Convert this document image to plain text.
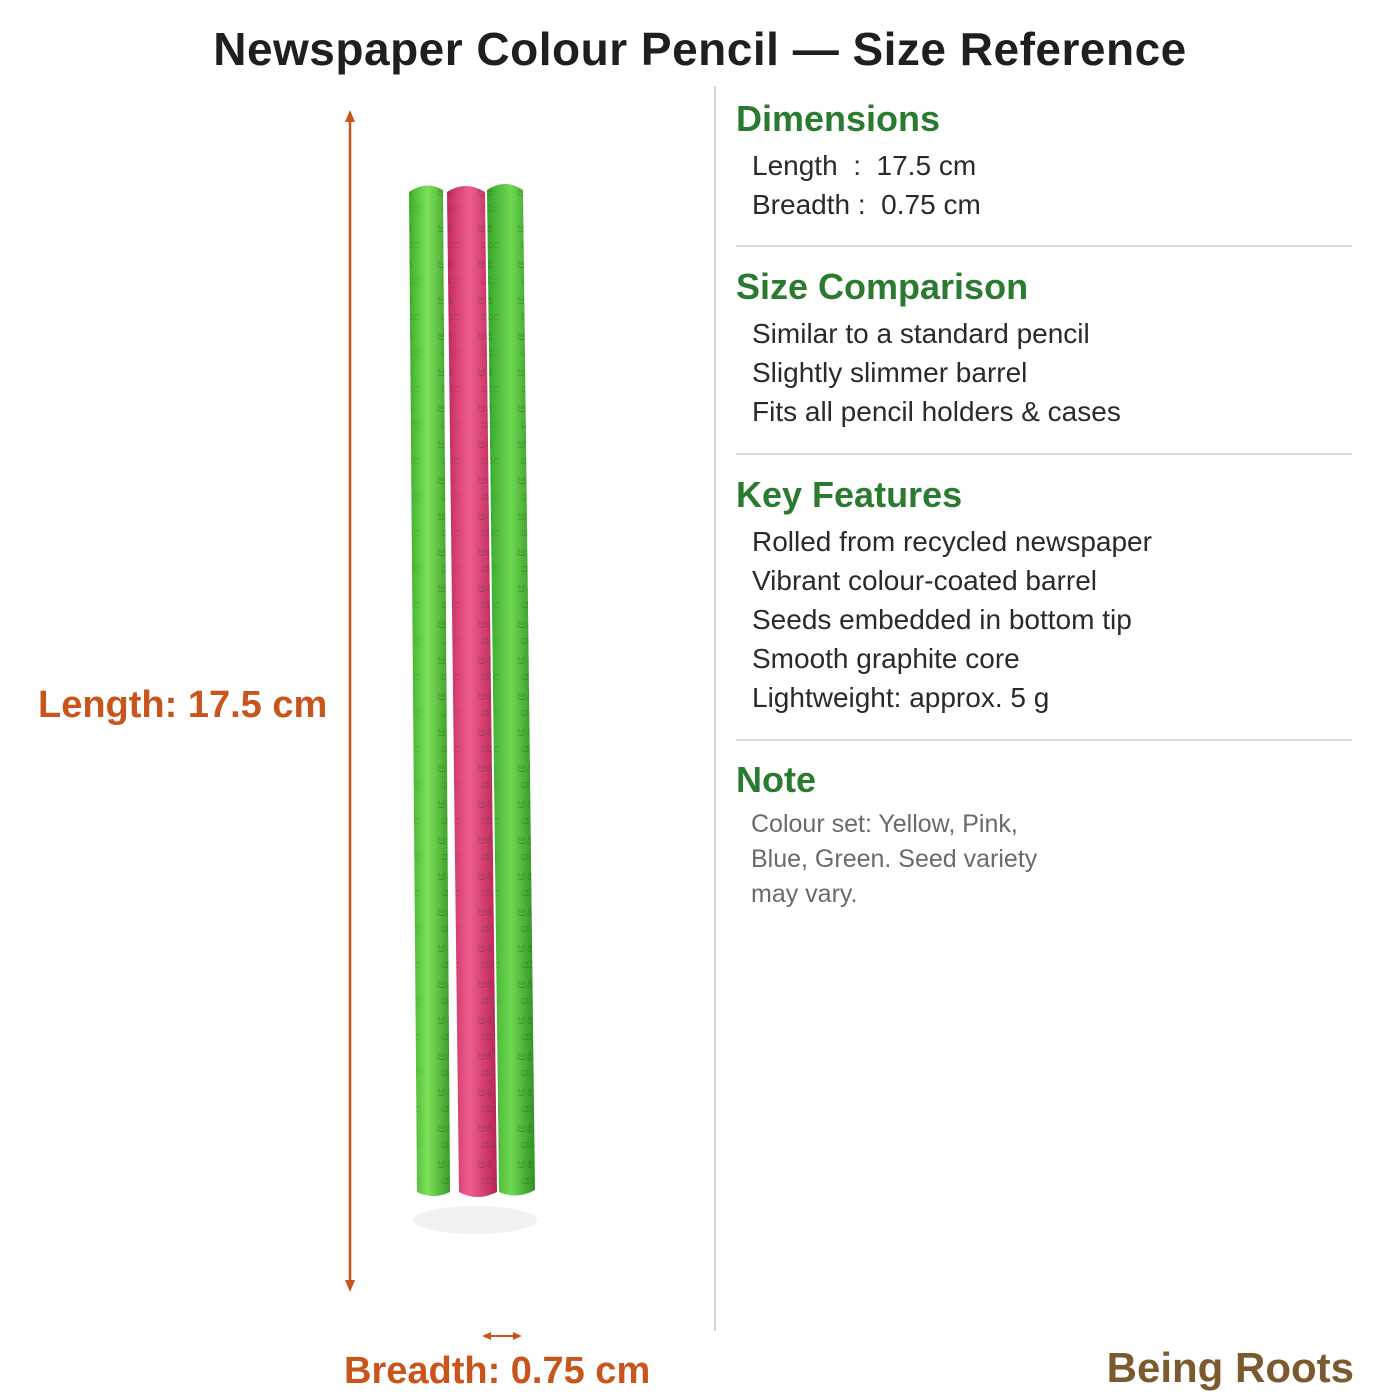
Newspaper Colour Pencil — Size Reference
Length: 17.5 cm
Breadth: 0.75 cm
Dimensions
Length  :  17.5 cm
Breadth :  0.75 cm
Size Comparison
Similar to a standard pencil
Slightly slimmer barrel
Fits all pencil holders & cases
Key Features
Rolled from recycled newspaper
Vibrant colour-coated barrel
Seeds embedded in bottom tip
Smooth graphite core
Lightweight: approx. 5 g
Note
Colour set: Yellow, Pink, Blue, Green. Seed variety may vary.
Being Roots
